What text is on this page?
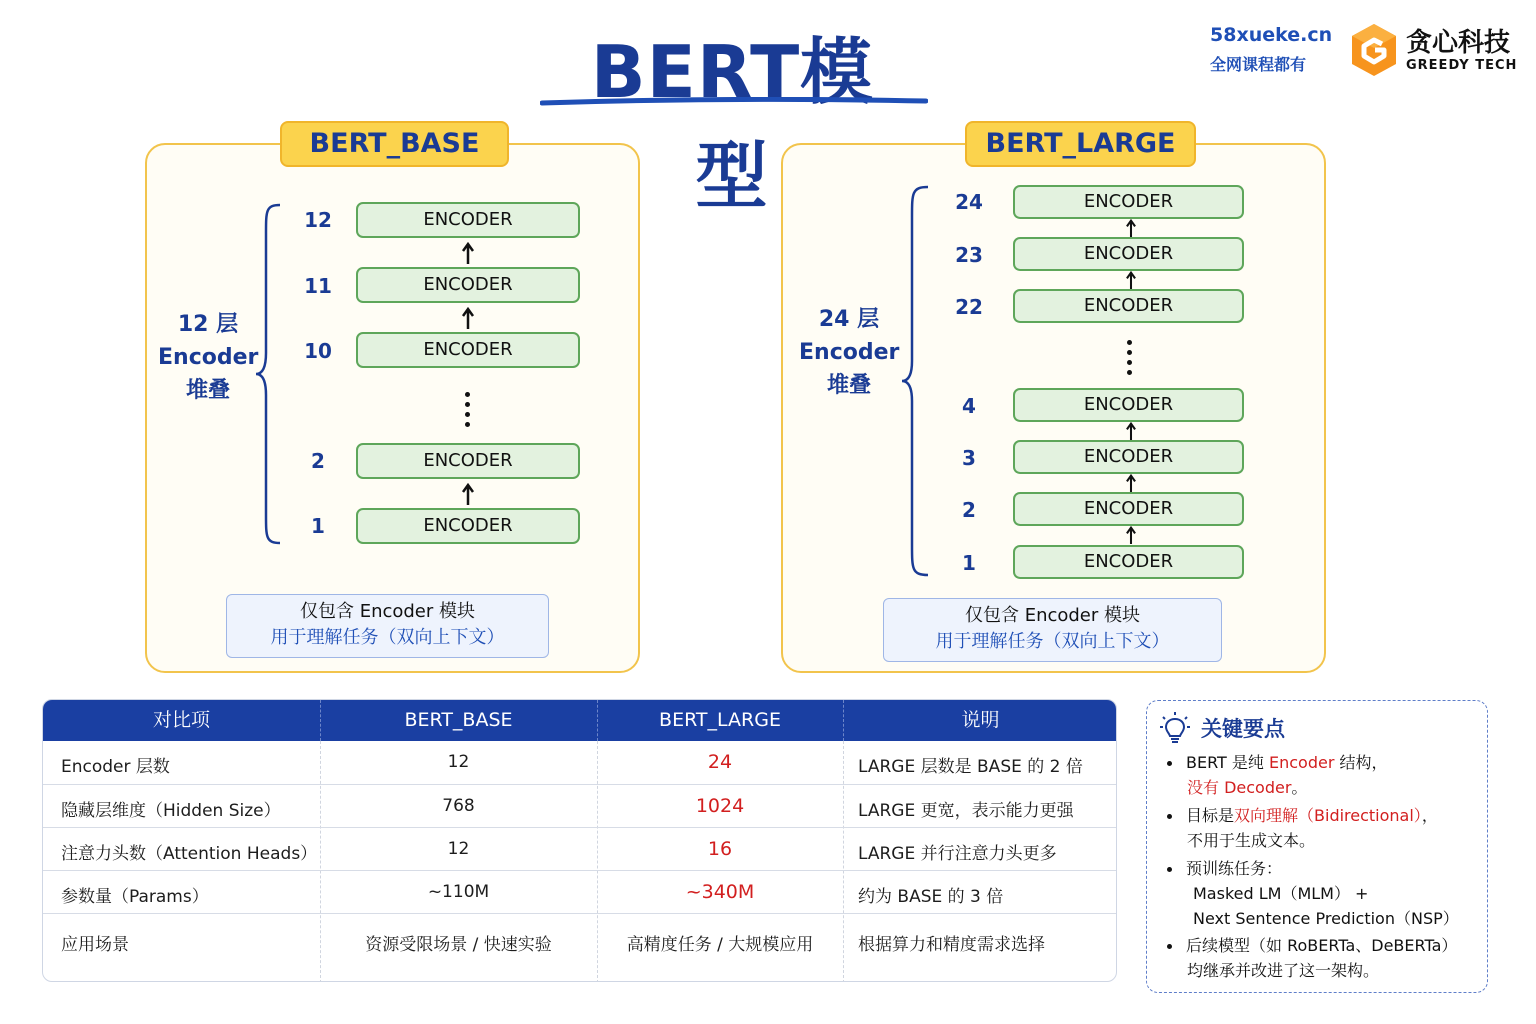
BERT模型
58xueke.cn
全网课程都有
贪心科技
GREEDY TECH
BERT_BASE
12 层
Encoder
堆叠
12	ENCODER
11	ENCODER
10	ENCODER
2	ENCODER
1	ENCODER
仅包含 Encoder 模块
用于理解任务（双向上下文）
BERT_LARGE
24 层
Encoder
堆叠
24	ENCODER
23	ENCODER
22	ENCODER
4	ENCODER
3	ENCODER
2	ENCODER
1	ENCODER
仅包含 Encoder 模块
用于理解任务（双向上下文）
对比项	BERT_BASE	BERT_LARGE	说明
Encoder 层数	12	24	LARGE 层数是 BASE 的 2 倍
隐藏层维度（Hidden Size）	768	1024	LARGE 更宽，表示能力更强
注意力头数（Attention Heads）	12	16	LARGE 并行注意力头更多
参数量（Params）	~110M	~340M	约为 BASE 的 3 倍
应用场景	资源受限场景 / 快速实验	高精度任务 / 大规模应用	根据算力和精度需求选择
关键要点
BERT 是纯 Encoder 结构，
没有 Decoder。
目标是双向理解（Bidirectional），
不用于生成文本。
预训练任务：
Masked LM（MLM） +
Next Sentence Prediction（NSP）
后续模型（如 RoBERTa、DeBERTa）
均继承并改进了这一架构。
